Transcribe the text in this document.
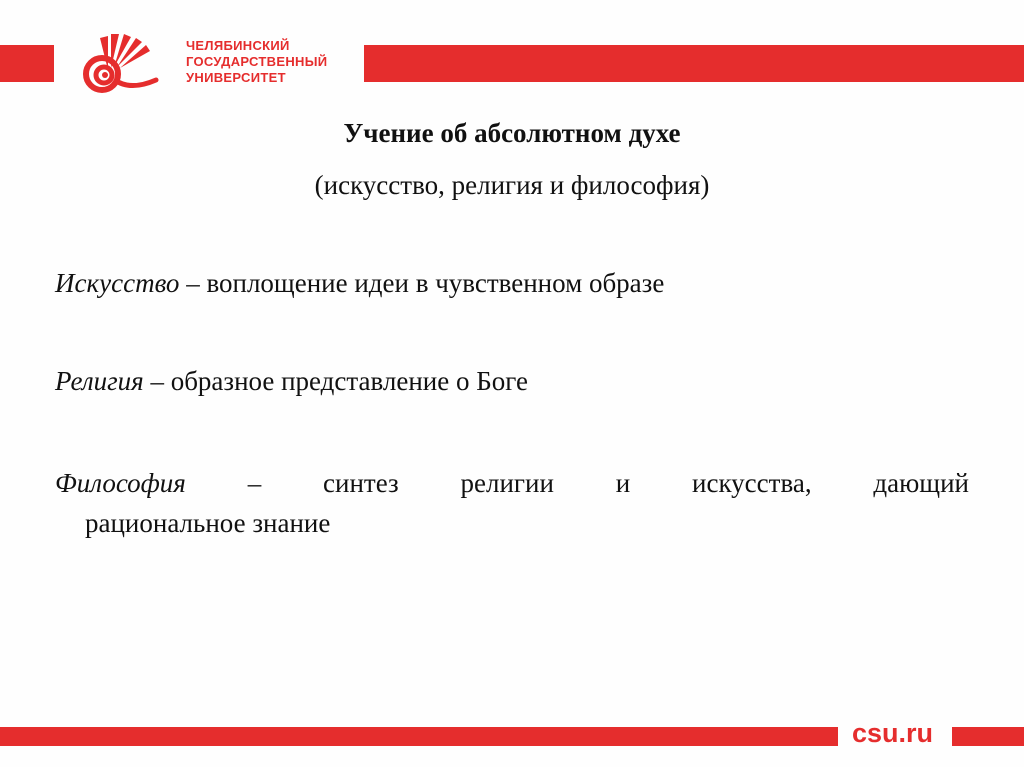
ЧЕЛЯБИНСКИЙ
ГОСУДАРСТВЕННЫЙ
УНИВЕРСИТЕТ
Учение об абсолютном духе
(искусство, религия и философия)
Искусство – воплощение идеи в чувственном образе
Религия – образное представление о Боге
Философия – синтез религии и искусства, дающий
рациональное знание
csu.ru
